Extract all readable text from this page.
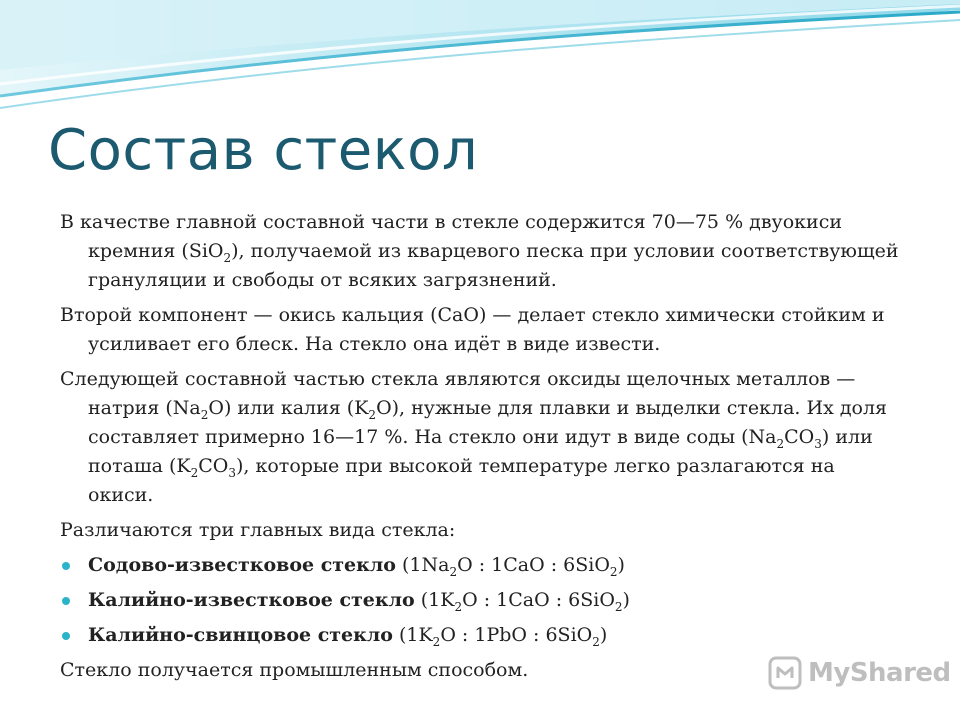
Состав стекол

В качестве главной составной части в стекле содержится 70—75 % двуокиси кремния (SiO$_2$), получаемой из кварцевого песка при условии соответствующей грануляции и свободы от всяких загрязнений.

Второй компонент — окись кальция (CaO) — делает стекло химически стойким и усиливает его блеск. На стекло она идёт в виде извести.

Следующей составной частью стекла являются оксиды щелочных металлов — натрия $(Na_2O)$ или калия $(K_2O)$, нужные для плавки и выделки стекла. Их доля составляет примерно 16—17 %. На стекло они идут в виде соды $(Na_2CO_3)$ или поташа $(K_2CO_3)$, которые при высокой температуре легко разлагаются на окиси.

Различаются три главных вида стекла:

Содово-известковое стекло ($1Na_2O$ : 1CaO : 6SiO$_2$)
Калийно-известковое стекло ($1K_2O$ : 1CaO : 6SiO$_2$)
Калийно-свинцовое стекло ($1K_2O$ : 1PbO : 6SiO$_2$)

Стекло получается промышленным способом.	MyShared
